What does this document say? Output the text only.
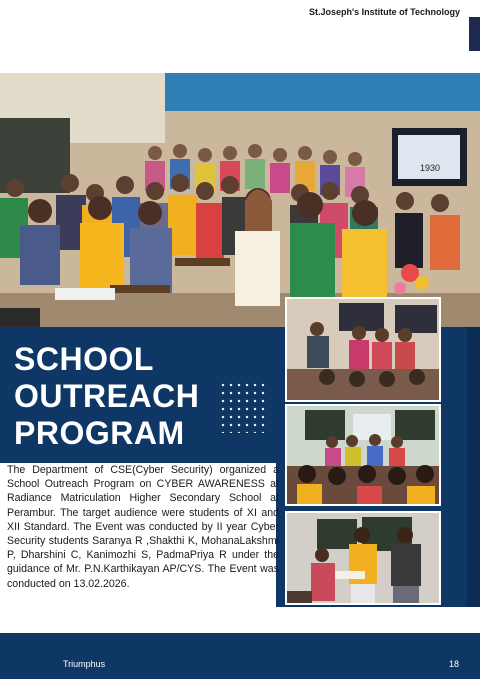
St.Joseph's Institute of Technology
1930
SCHOOL
OUTREACH
PROGRAM
The Department of CSE(Cyber Security) organized a School Outreach Program on CYBER AWARENESS at Radiance Matriculation Higher Secondary School at Perambur. The target audience were students of XI and XII Standard. The Event was conducted by II year Cyber Security students Saranya R ,Shakthi K, MohanaLakshmi P, Dharshini C, Kanimozhi S, PadmaPriya R under the guidance of Mr. P.N.Karthikayan AP/CYS. The Event was conducted on 13.02.2026.
Triumphus	18
